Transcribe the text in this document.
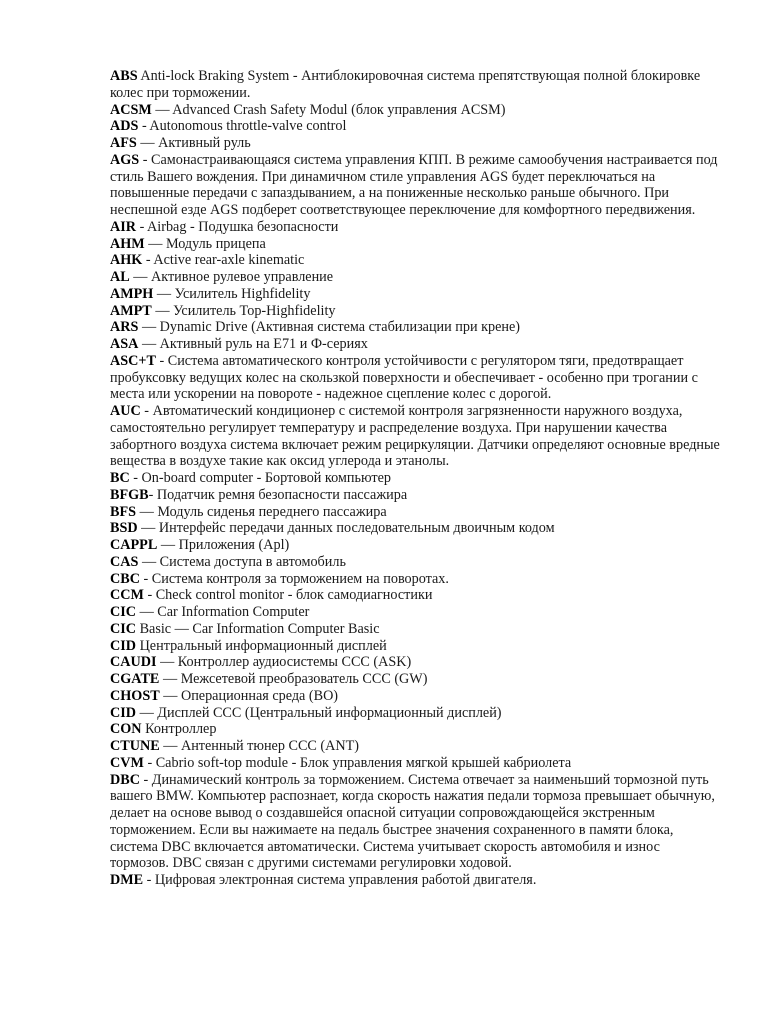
ABS Anti-lock Braking System - Антиблокировочная система препятствующая полной блокировке колес при торможении.

ACSM — Advanced Crash Safety Modul (блок управления ACSM)

ADS - Autonomous throttle-valve control

AFS — Активный руль

AGS - Самонастраивающаяся система управления КПП. В режиме самообучения настраивается под стиль Вашего вождения. При динамичном стиле управления AGS будет переключаться на повышенные передачи с запаздыванием, а на пониженные несколько раньше обычного. При неспешной езде AGS подберет соответствующее переключение для комфортного передвижения.

AIR - Airbag - Подушка безопасности

AHM — Модуль прицепа

AHK - Active rear-axle kinematic

AL — Активное рулевое управление

AMPH — Усилитель Highfidelity

AMPT — Усилитель Top-Highfidelity

ARS — Dynamic Drive (Активная система стабилизации при крене)

ASA — Активный руль на E71 и Ф-сериях

ASC+T - Система автоматического контроля устойчивости с регулятором тяги, предотвращает пробуксовку ведущих колес на скользкой поверхности и обеспечивает - особенно при трогании с места или ускорении на повороте - надежное сцепление колес с дорогой.

AUC - Автоматический кондиционер с системой контроля загрязненности наружного воздуха, самостоятельно регулирует температуру и распределение воздуха. При нарушении качества забортного воздуха система включает режим рециркуляции. Датчики определяют основные вредные вещества в воздухе такие как оксид углерода и этанолы.

BC - On-board computer - Бортовой компьютер

BFGB- Податчик ремня безопасности пассажира

BFS — Модуль сиденья переднего пассажира

BSD — Интерфейс передачи данных последовательным двоичным кодом

CAPPL — Приложения (Apl)

CAS — Система доступа в автомобиль

CBC - Система контроля за торможением на поворотах.

CCM - Check control monitor - блок самодиагностики

CIC — Car Information Computer

CIC Basic — Car Information Computer Basic

CID Центральный информационный дисплей

CAUDI — Контроллер аудиосистемы CCC (ASK)

CGATE — Межсетевой преобразователь CCC (GW)

CHOST — Операционная среда (BO)

CID — Дисплей CCC (Центральный информационный дисплей)

CON Контроллер

CTUNE — Антенный тюнер CCC (ANT)

CVM - Cabrio soft-top module - Блок управления мягкой крышей кабриолета

DBC - Динамический контроль за торможением. Система отвечает за наименьший тормозной путь вашего BMW. Компьютер распознает, когда скорость нажатия педали тормоза превышает обычную, делает на основе вывод о создавшейся опасной ситуации сопровождающейся экстренным торможением. Если вы нажимаете на педаль быстрее значения сохраненного в памяти блока, система DBC включается автоматически. Система учитывает скорость автомобиля и износ тормозов. DBC связан с другими системами регулировки ходовой.

DME - Цифровая электронная система управления работой двигателя.
